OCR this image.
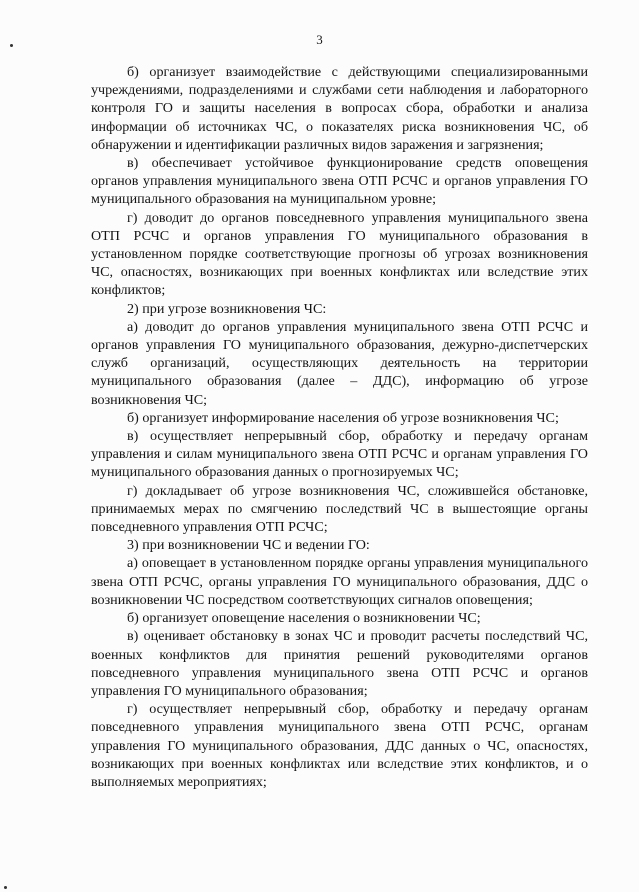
3

б) организует взаимодействие с действующими специализированными учреждениями, подразделениями и службами сети наблюдения и лабораторного контроля ГО и защиты населения в вопросах сбора, обработки и анализа информации об источниках ЧС, о показателях риска возникновения ЧС, об обнаружении и идентификации различных видов заражения и загрязнения;

в) обеспечивает устойчивое функционирование средств оповещения органов управления муниципального звена ОТП РСЧС и органов управления ГО муниципального образования на муниципальном уровне;

г) доводит до органов повседневного управления муниципального звена ОТП РСЧС и органов управления ГО муниципального образования в установленном порядке соответствующие прогнозы об угрозах возникновения ЧС, опасностях, возникающих при военных конфликтах или вследствие этих конфликтов;

2) при угрозе возникновения ЧС:

а) доводит до органов управления муниципального звена ОТП РСЧС и органов управления ГО муниципального образования, дежурно-диспетчерских служб организаций, осуществляющих деятельность на территории муниципального образования (далее – ДДС), информацию об угрозе возникновения ЧС;

б) организует информирование населения об угрозе возникновения ЧС;

в) осуществляет непрерывный сбор, обработку и передачу органам управления и силам муниципального звена ОТП РСЧС и органам управления ГО муниципального образования данных о прогнозируемых ЧС;

г) докладывает об угрозе возникновения ЧС, сложившейся обстановке, принимаемых мерах по смягчению последствий ЧС в вышестоящие органы повседневного управления ОТП РСЧС;

3) при возникновении ЧС и ведении ГО:

а) оповещает в установленном порядке органы управления муниципального звена ОТП РСЧС, органы управления ГО муниципального образования, ДДС о возникновении ЧС посредством соответствующих сигналов оповещения;

б) организует оповещение населения о возникновении ЧС;

в) оценивает обстановку в зонах ЧС и проводит расчеты последствий ЧС, военных конфликтов для принятия решений руководителями органов повседневного управления муниципального звена ОТП РСЧС и органов управления ГО муниципального образования;

г) осуществляет непрерывный сбор, обработку и передачу органам повседневного управления муниципального звена ОТП РСЧС, органам управления ГО муниципального образования, ДДС данных о ЧС, опасностях, возникающих при военных конфликтах или вследствие этих конфликтов, и о выполняемых мероприятиях;
